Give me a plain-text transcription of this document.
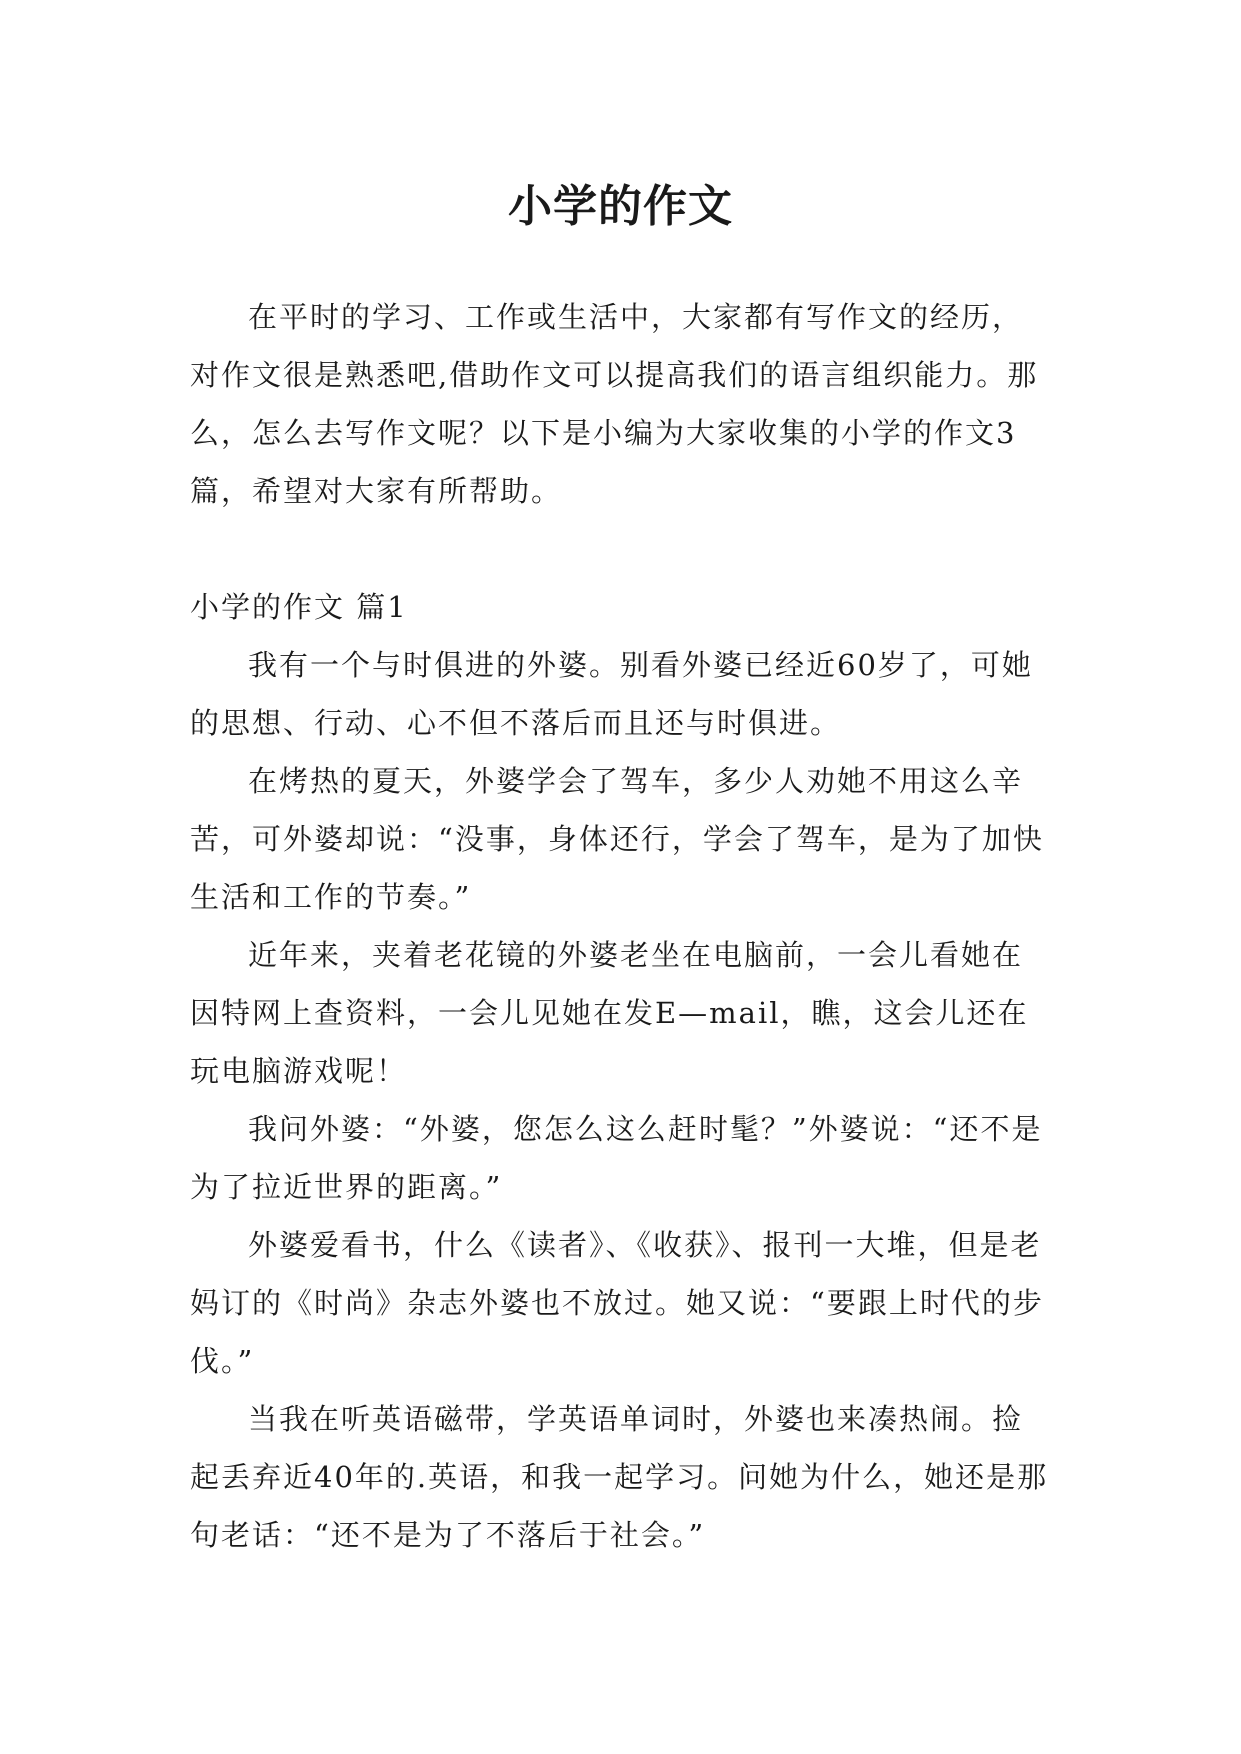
小学的作文

在平时的学习、工作或生活中，大家都有写作文的经历，对作文很是熟悉吧,借助作文可以提高我们的语言组织能力。那么，怎么去写作文呢？以下是小编为大家收集的小学的作文3篇，希望对大家有所帮助。

小学的作文 篇1

我有一个与时俱进的外婆。别看外婆已经近60岁了，可她的思想、行动、心不但不落后而且还与时俱进。

在烤热的夏天，外婆学会了驾车，多少人劝她不用这么辛苦，可外婆却说：“没事，身体还行，学会了驾车，是为了加快生活和工作的节奏。”

近年来，夹着老花镜的外婆老坐在电脑前，一会儿看她在因特网上查资料，一会儿见她在发E—mail，瞧，这会儿还在玩电脑游戏呢！

我问外婆：“外婆，您怎么这么赶时髦？”外婆说：“还不是为了拉近世界的距离。”

外婆爱看书，什么《读者》、《收获》、报刊一大堆，但是老妈订的《时尚》杂志外婆也不放过。她又说：“要跟上时代的步伐。”

当我在听英语磁带，学英语单词时，外婆也来凑热闹。捡起丢弃近40年的.英语，和我一起学习。问她为什么，她还是那句老话：“还不是为了不落后于社会。”
